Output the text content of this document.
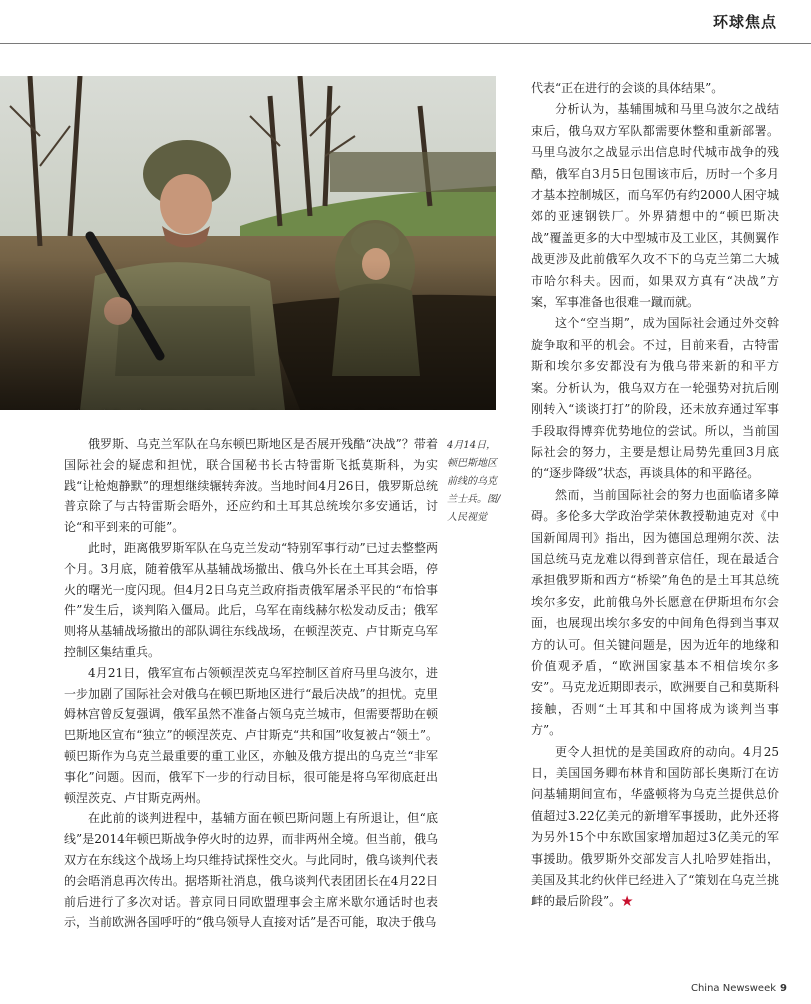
环球焦点
4月14日，顿巴斯地区前线的乌克兰士兵。图/人民视觉

俄罗斯、乌克兰军队在乌东顿巴斯地区是否展开残酷“决战”？带着国际社会的疑虑和担忧，联合国秘书长古特雷斯飞抵莫斯科，为实践“让枪炮静默”的理想继续辗转奔波。当地时间4月26日，俄罗斯总统普京除了与古特雷斯会晤外，还应约和土耳其总统埃尔多安通话，讨论“和平到来的可能”。

此时，距离俄罗斯军队在乌克兰发动“特别军事行动”已过去整整两个月。3月底，随着俄军从基辅战场撤出、俄乌外长在土耳其会晤，停火的曙光一度闪现。但4月2日乌克兰政府指责俄军屠杀平民的“布恰事件”发生后，谈判陷入僵局。此后，乌军在南线赫尔松发动反击；俄军则将从基辅战场撤出的部队调往东线战场，在顿涅茨克、卢甘斯克乌军控制区集结重兵。

4月21日，俄军宣布占领顿涅茨克乌军控制区首府马里乌波尔，进一步加剧了国际社会对俄乌在顿巴斯地区进行“最后决战”的担忧。克里姆林宫曾反复强调，俄军虽然不准备占领乌克兰城市，但需要帮助在顿巴斯地区宣布“独立”的顿涅茨克、卢甘斯克“共和国”收复被占“领土”。顿巴斯作为乌克兰最重要的重工业区，亦触及俄方提出的乌克兰“非军事化”问题。因而，俄军下一步的行动目标，很可能是将乌军彻底赶出顿涅茨克、卢甘斯克两州。

在此前的谈判进程中，基辅方面在顿巴斯问题上有所退让，但“底线”是2014年顿巴斯战争停火时的边界，而非两州全境。但当前，俄乌双方在东线这个战场上均只维持试探性交火。与此同时，俄乌谈判代表的会晤消息再次传出。据塔斯社消息，俄乌谈判代表团团长在4月22日前后进行了多次对话。普京同日同欧盟理事会主席米歇尔通话时也表示，当前欧洲各国呼吁的“俄乌领导人直接对话”是否可能，取决于俄乌

代表“正在进行的会谈的具体结果”。

分析认为，基辅围城和马里乌波尔之战结束后，俄乌双方军队都需要休整和重新部署。马里乌波尔之战显示出信息时代城市战争的残酷，俄军自3月5日包围该市后，历时一个多月才基本控制城区，而乌军仍有约2000人困守城郊的亚速钢铁厂。外界猜想中的“顿巴斯决战”覆盖更多的大中型城市及工业区，其侧翼作战更涉及此前俄军久攻不下的乌克兰第二大城市哈尔科夫。因而，如果双方真有“决战”方案，军事准备也很难一蹴而就。

这个“空当期”，成为国际社会通过外交斡旋争取和平的机会。不过，目前来看，古特雷斯和埃尔多安都没有为俄乌带来新的和平方案。分析认为，俄乌双方在一轮强势对抗后刚刚转入“谈谈打打”的阶段，还未放弃通过军事手段取得博弈优势地位的尝试。所以，当前国际社会的努力，主要是想让局势先重回3月底的“逐步降级”状态，再谈具体的和平路径。

然而，当前国际社会的努力也面临诸多障碍。多伦多大学政治学荣休教授勒迪克对《中国新闻周刊》指出，因为德国总理朔尔茨、法国总统马克龙难以得到普京信任，现在最适合承担俄罗斯和西方“桥梁”角色的是土耳其总统埃尔多安，此前俄乌外长愿意在伊斯坦布尔会面，也展现出埃尔多安的中间角色得到当事双方的认可。但关键问题是，因为近年的地缘和价值观矛盾，“欧洲国家基本不相信埃尔多安”。马克龙近期即表示，欧洲要自己和莫斯科接触，否则“土耳其和中国将成为谈判当事方”。

更令人担忧的是美国政府的动向。4月25日，美国国务卿布林肯和国防部长奥斯汀在访问基辅期间宣布，华盛顿将为乌克兰提供总价值超过3.22亿美元的新增军事援助，此外还将为另外15个中东欧国家增加超过3亿美元的军事援助。俄罗斯外交部发言人扎哈罗娃指出，美国及其北约伙伴已经进入了“策划在乌克兰挑衅的最后阶段”。★

China Newsweek 9
